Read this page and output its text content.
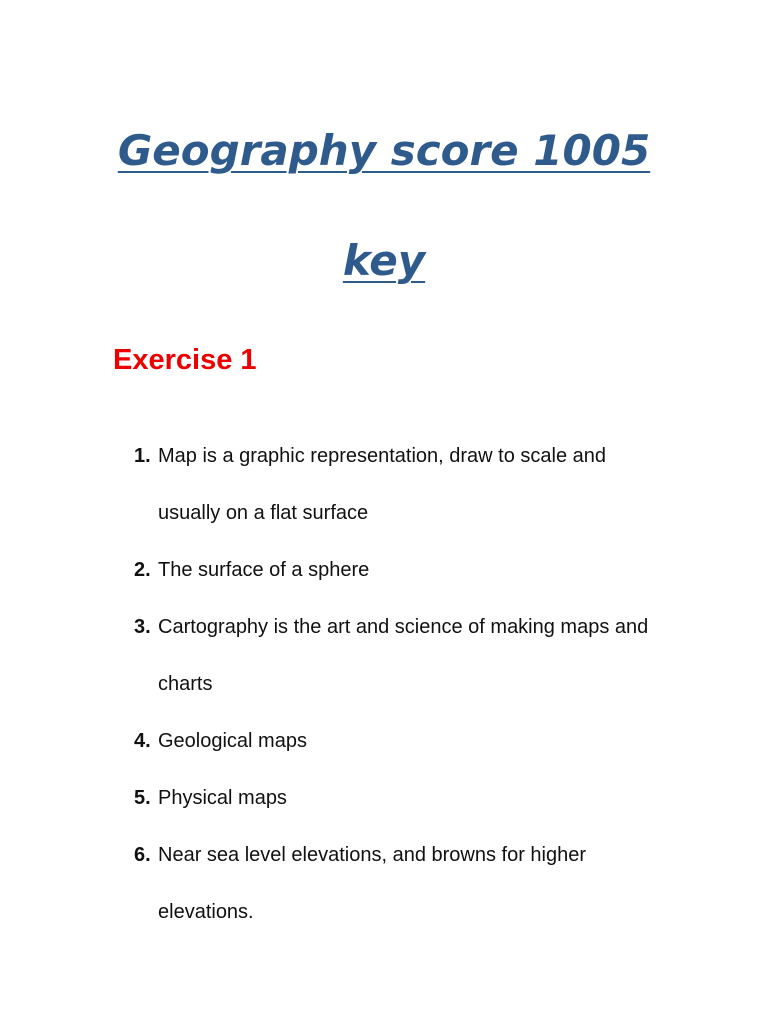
Geography score 1005
key
Exercise 1
1. Map is a graphic representation, draw to scale and usually on a flat surface
2. The surface of a sphere
3. Cartography is the art and science of making maps and charts
4. Geological maps
5. Physical maps
6. Near sea level elevations, and browns for higher elevations.
